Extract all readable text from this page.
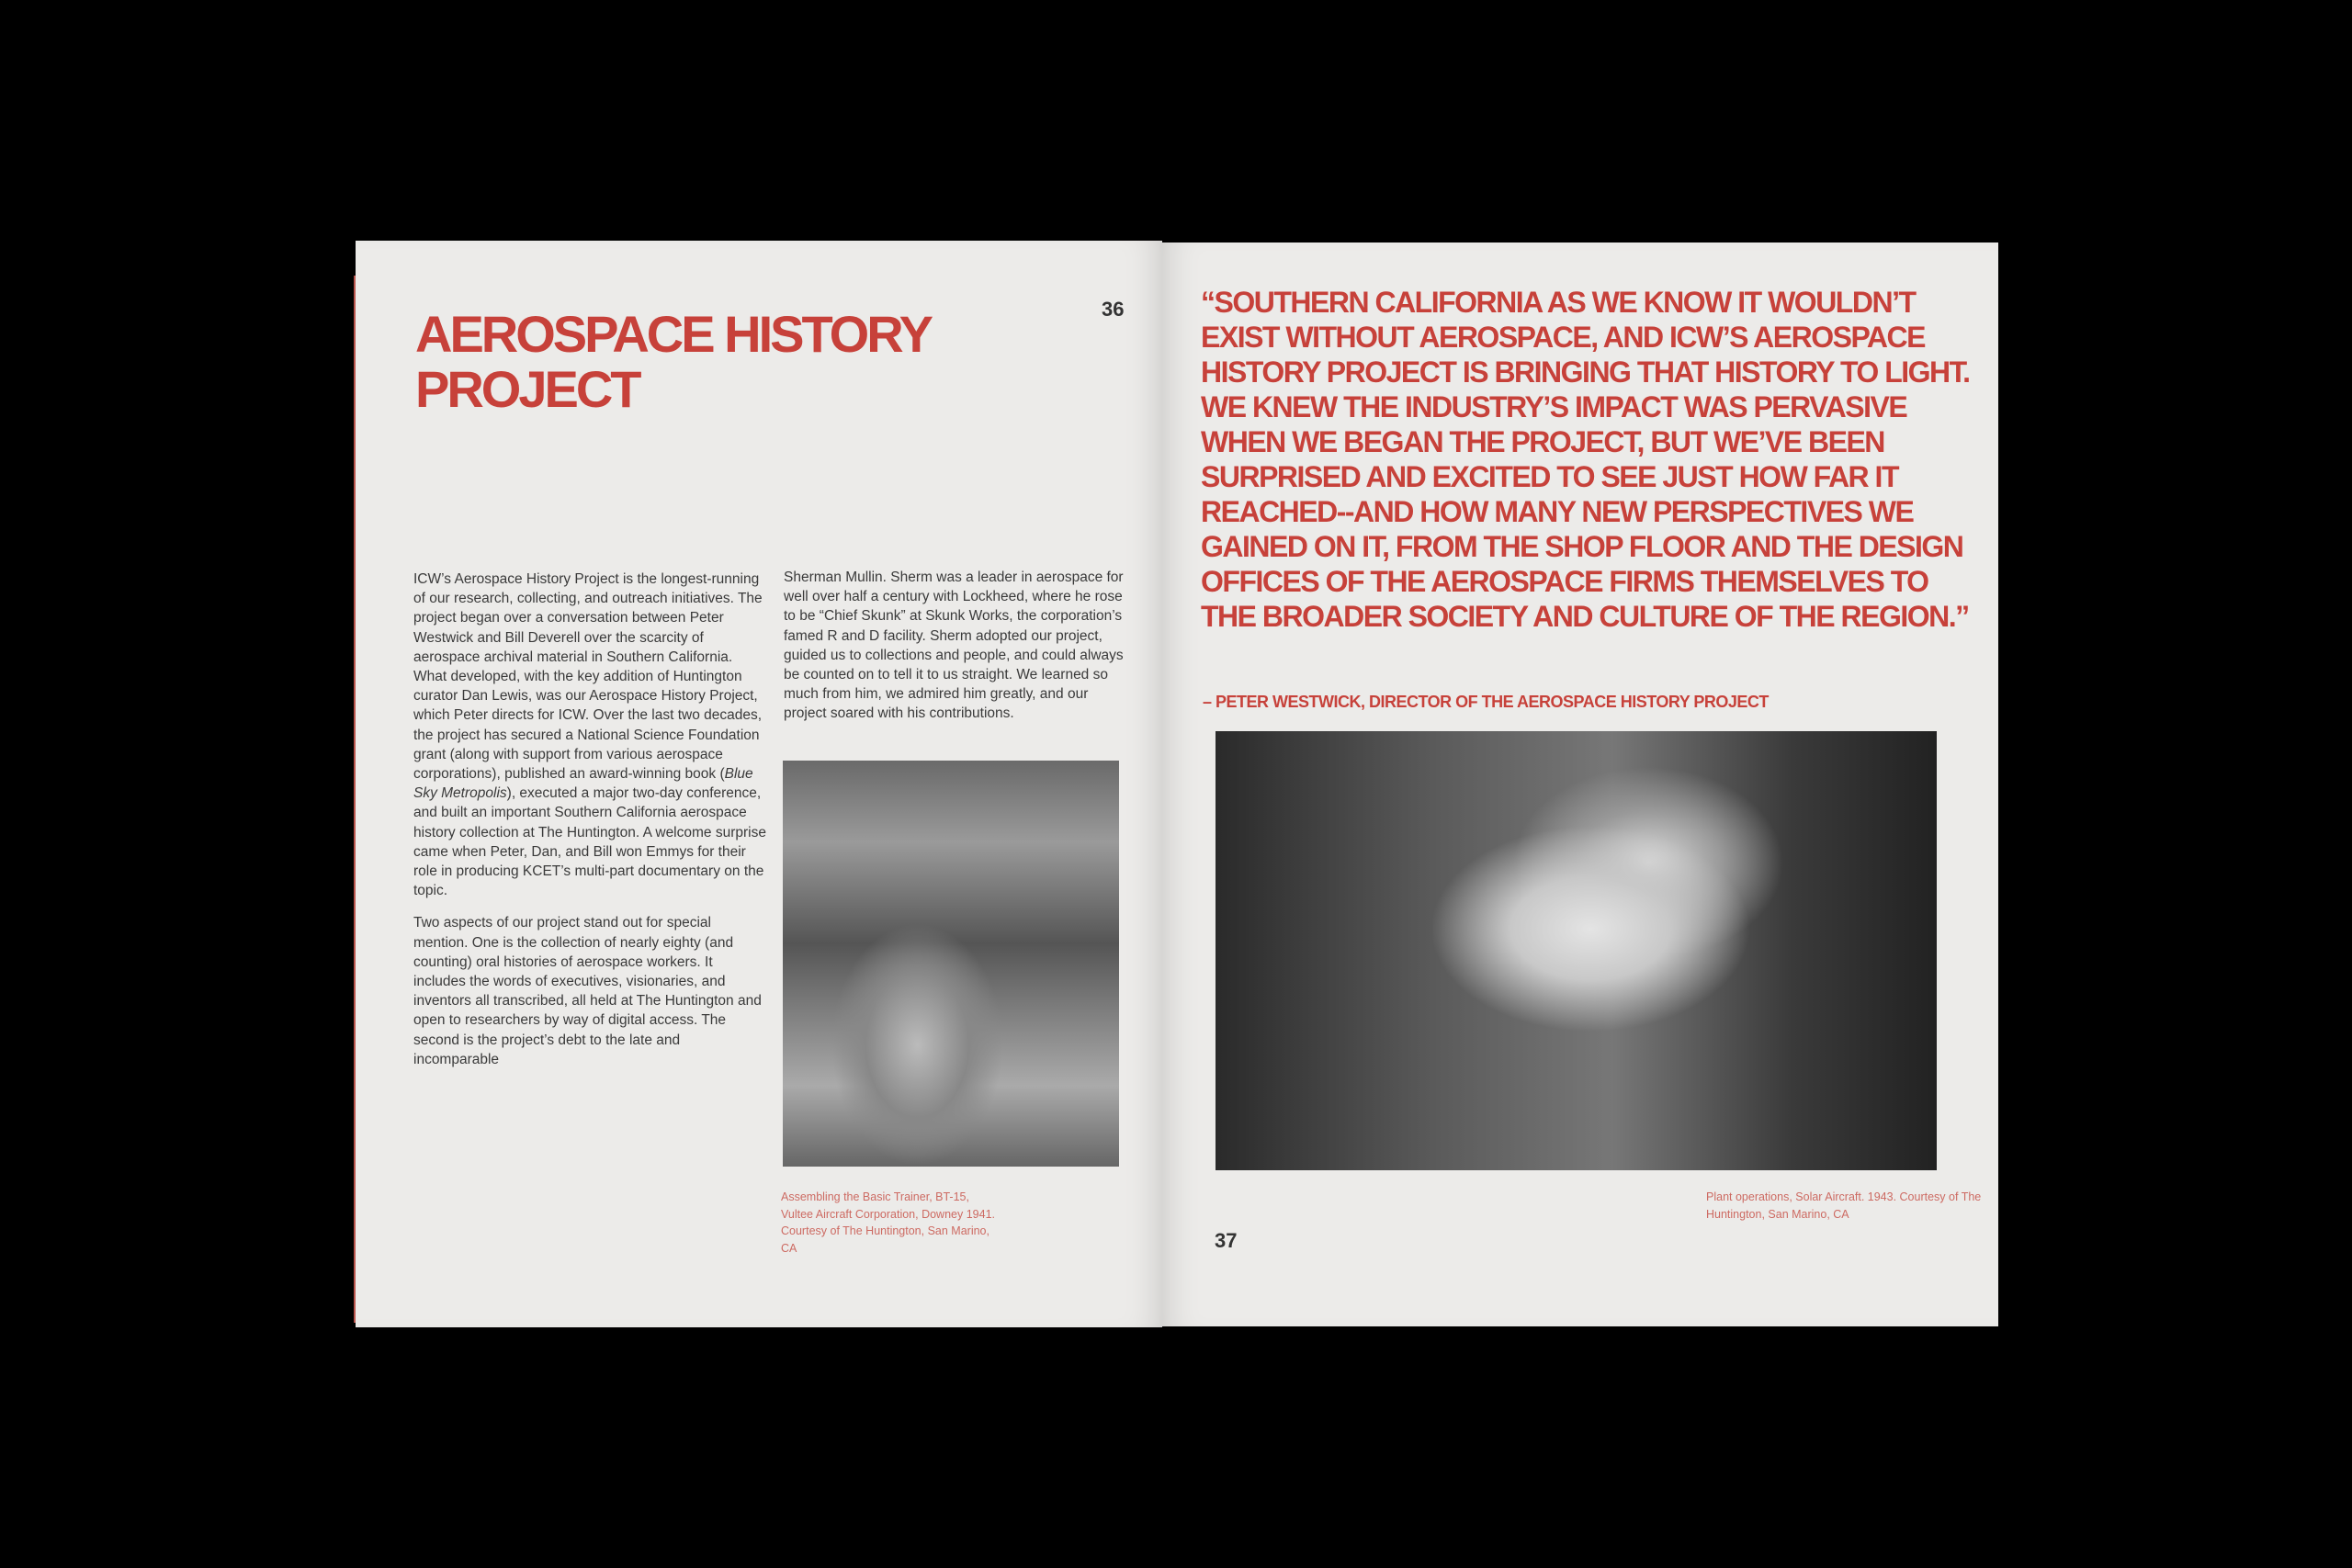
AEROSPACE HISTORY PROJECT
36

ICW’s Aerospace History Project is the longest-running of our research, collecting, and outreach initiatives. The project began over a conversation between Peter Westwick and Bill Deverell over the scarcity of aerospace archival material in Southern California. What developed, with the key addition of Huntington curator Dan Lewis, was our Aerospace History Project, which Peter directs for ICW. Over the last two decades, the project has secured a National Science Foundation grant (along with support from various aerospace corporations), published an award-winning book (Blue Sky Metropolis), executed a major two-day conference, and built an important Southern California aerospace history collection at The Huntington. A welcome surprise came when Peter, Dan, and Bill won Emmys for their role in producing KCET’s multi-part documentary on the topic.

Two aspects of our project stand out for special mention. One is the collection of nearly eighty (and counting) oral histories of aerospace workers. It includes the words of executives, visionaries, and inventors all transcribed, all held at The Huntington and open to researchers by way of digital access. The second is the project’s debt to the late and incomparable

Sherman Mullin. Sherm was a leader in aerospace for well over half a century with Lockheed, where he rose to be “Chief Skunk” at Skunk Works, the corporation’s famed R and D facility. Sherm adopted our project, guided us to collections and people, and could always be counted on to tell it to us straight. We learned so much from him, we admired him greatly, and our project soared with his contributions.

Assembling the Basic Trainer, BT-15, Vultee Aircraft Corporation, Downey 1941. Courtesy of The Huntington, San Marino, CA
“SOUTHERN CALIFORNIA AS WE KNOW IT WOULDN’T EXIST WITHOUT AEROSPACE, AND ICW’S AEROSPACE HISTORY PROJECT IS BRINGING THAT HISTORY TO LIGHT. WE KNEW THE INDUSTRY’S IMPACT WAS PERVASIVE WHEN WE BEGAN THE PROJECT, BUT WE’VE BEEN SURPRISED AND EXCITED TO SEE JUST HOW FAR IT REACHED--AND HOW MANY NEW PERSPECTIVES WE GAINED ON IT, FROM THE SHOP FLOOR AND THE DESIGN OFFICES OF THE AEROSPACE FIRMS THEMSELVES TO THE BROADER SOCIETY AND CULTURE OF THE REGION.”
– PETER WESTWICK, DIRECTOR OF THE AEROSPACE HISTORY PROJECT
Plant operations, Solar Aircraft. 1943. Courtesy of The Huntington, San Marino, CA
37
